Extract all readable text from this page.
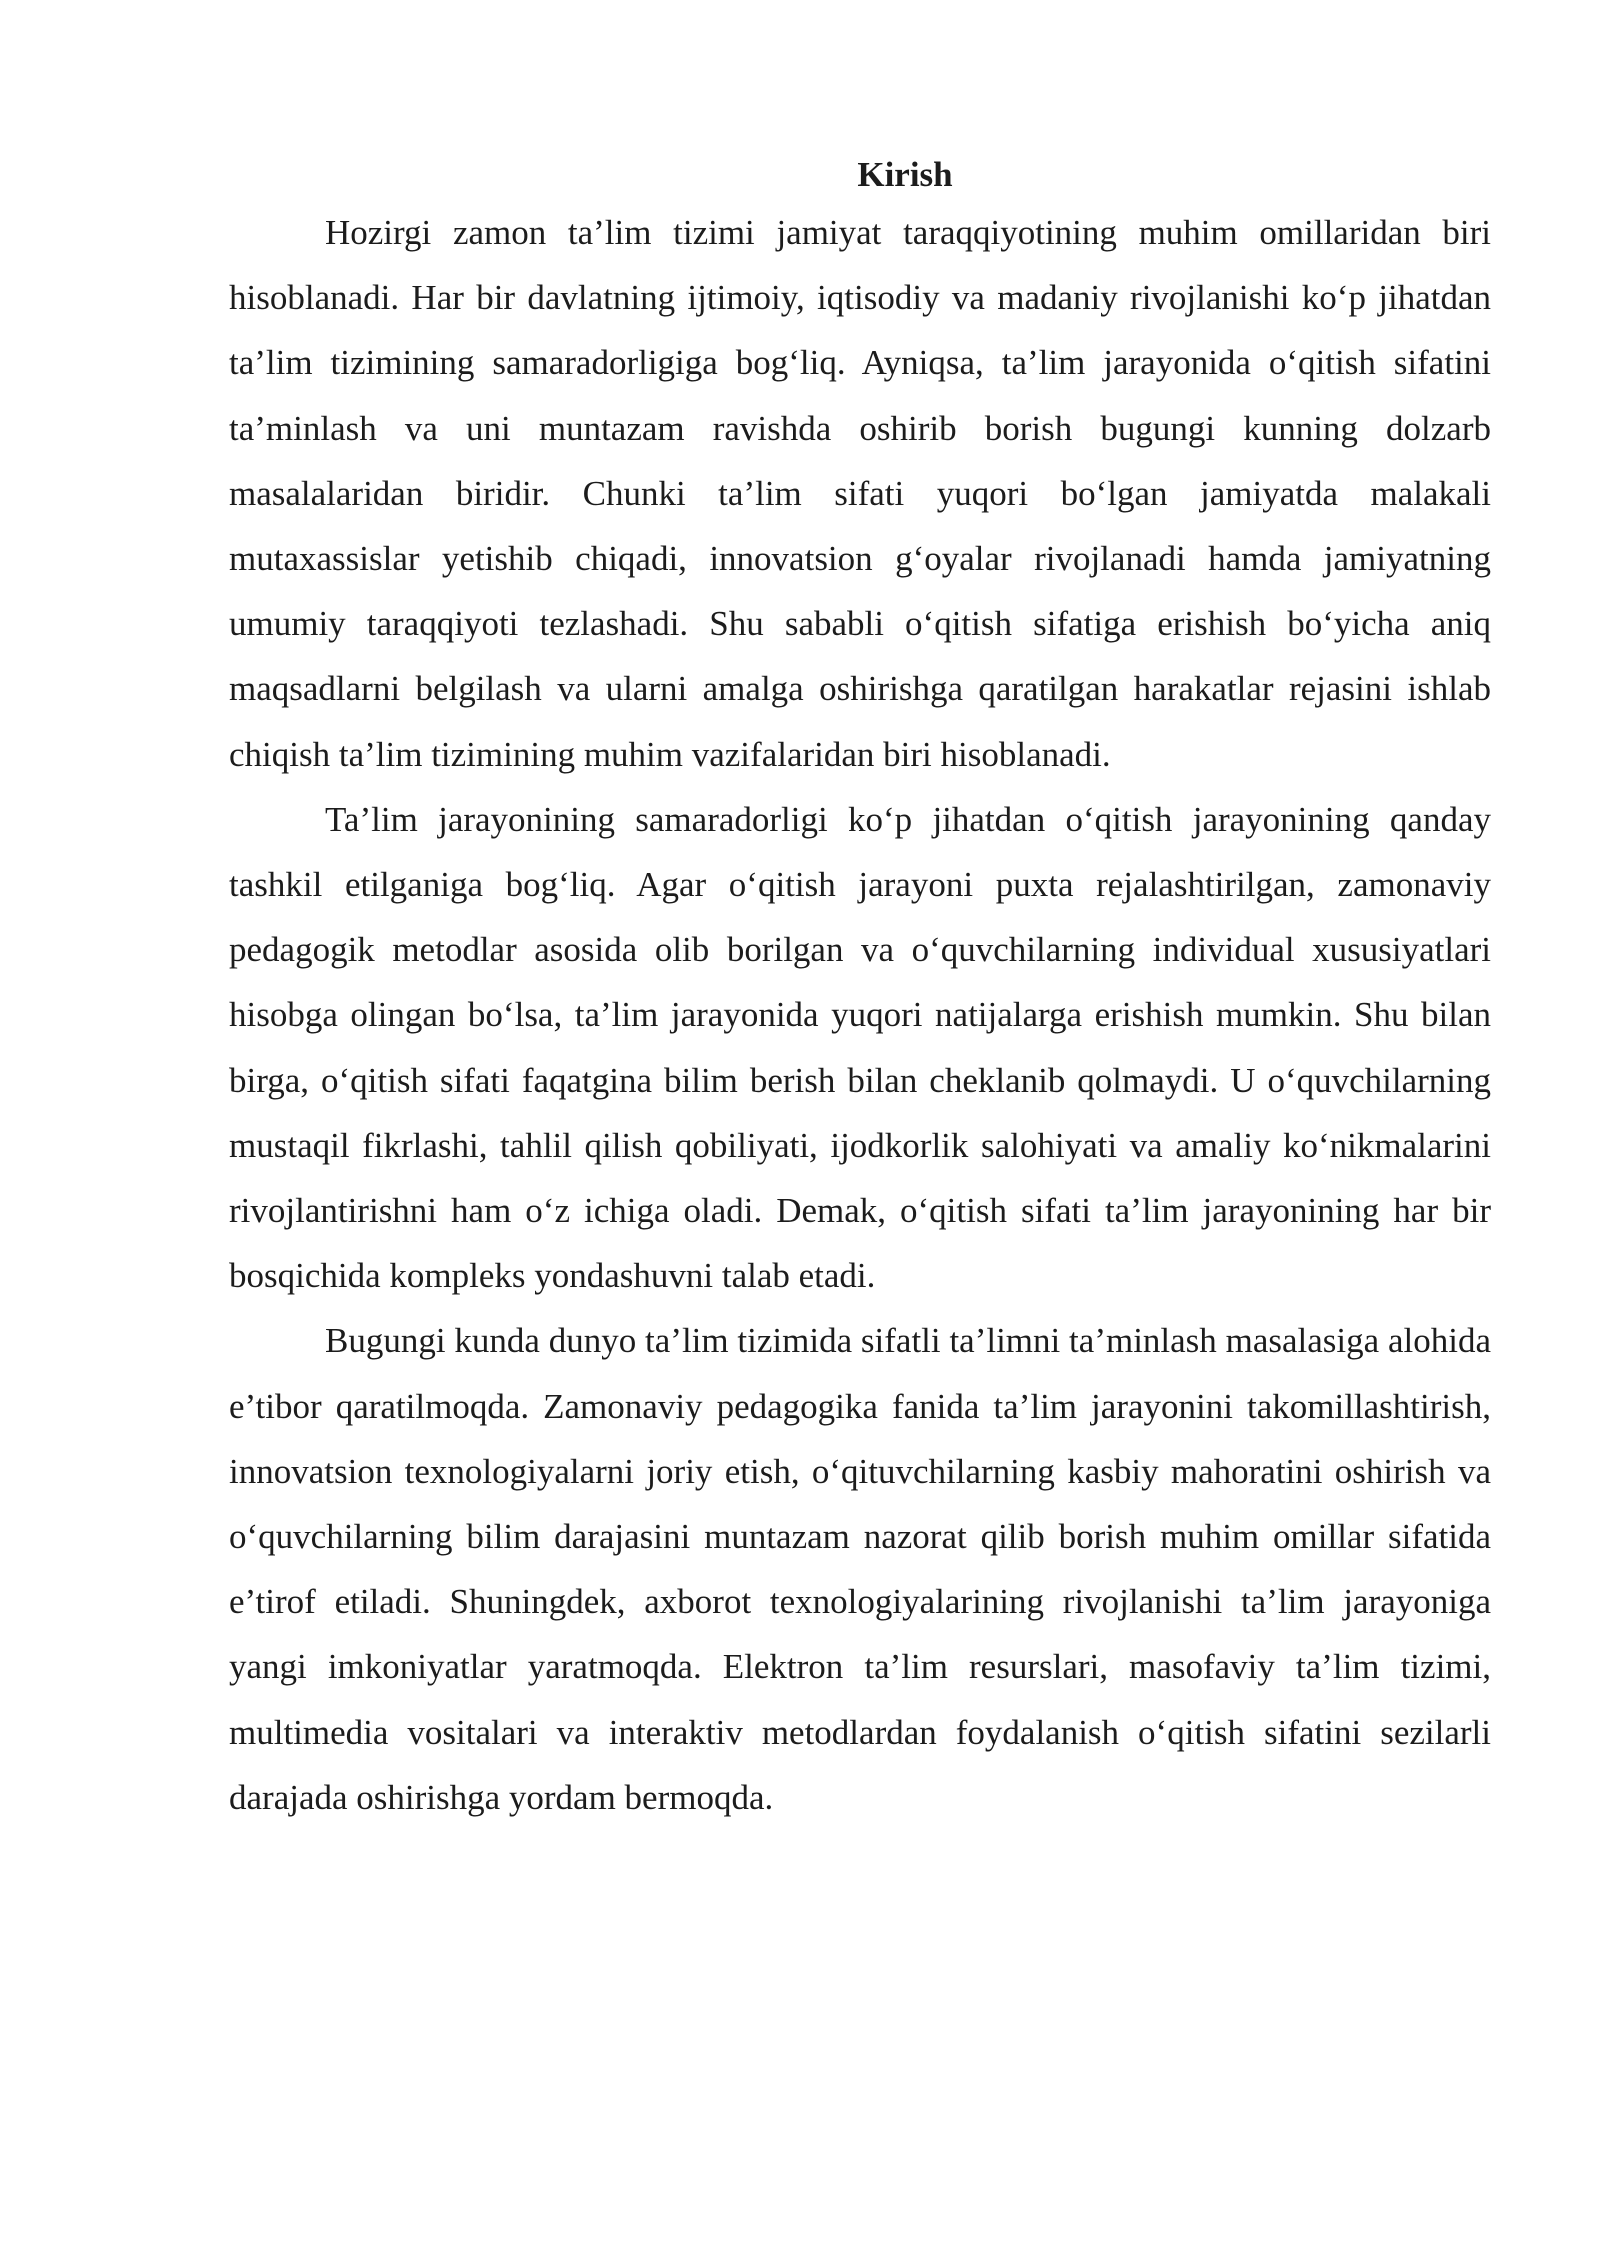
Kirish

Hozirgi zamon ta’lim tizimi jamiyat taraqqiyotining muhim omillaridan biri hisoblanadi. Har bir davlatning ijtimoiy, iqtisodiy va madaniy rivojlanishi ko‘p jihatdan ta’lim tizimining samaradorligiga bog‘liq. Ayniqsa, ta’lim jarayonida o‘qitish sifatini ta’minlash va uni muntazam ravishda oshirib borish bugungi kunning dolzarb masalalaridan biridir. Chunki ta’lim sifati yuqori bo‘lgan jamiyatda malakali mutaxassislar yetishib chiqadi, innovatsion g‘oyalar rivojlanadi hamda jamiyatning umumiy taraqqiyoti tezlashadi. Shu sababli o‘qitish sifatiga erishish bo‘yicha aniq maqsadlarni belgilash va ularni amalga oshirishga qaratilgan harakatlar rejasini ishlab chiqish ta’lim tizimining muhim vazifalaridan biri hisoblanadi.

Ta’lim jarayonining samaradorligi ko‘p jihatdan o‘qitish jarayonining qanday tashkil etilganiga bog‘liq. Agar o‘qitish jarayoni puxta rejalashtirilgan, zamonaviy pedagogik metodlar asosida olib borilgan va o‘quvchilarning individual xususiyatlari hisobga olingan bo‘lsa, ta’lim jarayonida yuqori natijalarga erishish mumkin. Shu bilan birga, o‘qitish sifati faqatgina bilim berish bilan cheklanib qolmaydi. U o‘quvchilarning mustaqil fikrlashi, tahlil qilish qobiliyati, ijodkorlik salohiyati va amaliy ko‘nikmalarini rivojlantirishni ham o‘z ichiga oladi. Demak, o‘qitish sifati ta’lim jarayonining har bir bosqichida kompleks yondashuvni talab etadi.

Bugungi kunda dunyo ta’lim tizimida sifatli ta’limni ta’minlash masalasiga alohida e’tibor qaratilmoqda. Zamonaviy pedagogika fanida ta’lim jarayonini takomillashtirish, innovatsion texnologiyalarni joriy etish, o‘qituvchilarning kasbiy mahoratini oshirish va o‘quvchilarning bilim darajasini muntazam nazorat qilib borish muhim omillar sifatida e’tirof etiladi. Shuningdek, axborot texnologiyalarining rivojlanishi ta’lim jarayoniga yangi imkoniyatlar yaratmoqda. Elektron ta’lim resurslari, masofaviy ta’lim tizimi, multimedia vositalari va interaktiv metodlardan foydalanish o‘qitish sifatini sezilarli darajada oshirishga yordam bermoqda.
